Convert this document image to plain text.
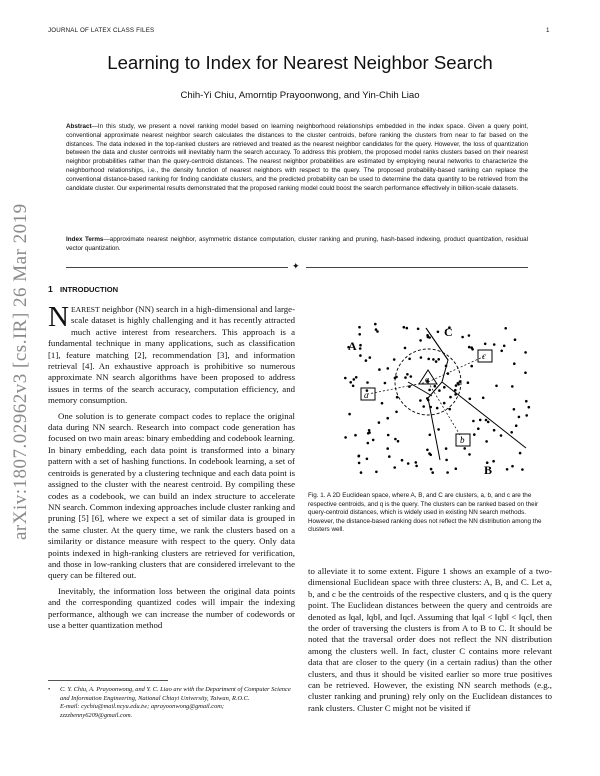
JOURNAL OF LATEX CLASS FILES	1
Learning to Index for Nearest Neighbor Search
Chih-Yi Chiu, Amorntip Prayoonwong, and Yin-Chih Liao
Abstract—In this study, we present a novel ranking model based on learning neighborhood relationships embedded in the index space. Given a query point, conventional approximate nearest neighbor search calculates the distances to the cluster centroids, before ranking the clusters from near to far based on the distances. The data indexed in the top-ranked clusters are retrieved and treated as the nearest neighbor candidates for the query. However, the loss of quantization between the data and cluster centroids will inevitably harm the search accuracy. To address this problem, the proposed model ranks clusters based on their nearest neighbor probabilities rather than the query-centroid distances. The nearest neighbor probabilities are estimated by employing neural networks to characterize the neighborhood relationships, i.e., the density function of nearest neighbors with respect to the query. The proposed probability-based ranking can replace the conventional distance-based ranking for finding candidate clusters, and the predicted probability can be used to determine the data quantity to be retrieved from the candidate cluster. Our experimental results demonstrated that the proposed ranking model could boost the search performance effectively in billion-scale datasets.
Index Terms—approximate nearest neighbor, asymmetric distance computation, cluster ranking and pruning, hash-based indexing, product quantization, residual vector quantization.
✦
arXiv:1807.02962v3 [cs.IR] 26 Mar 2019 1 INTRODUCTION

NEAREST neighbor (NN) search in a high-dimensional and large-scale dataset is highly challenging and it has recently attracted much active interest from researchers. This approach is a fundamental technique in many applications, such as classification [1], feature matching [2], recommendation [3], and information retrieval [4]. An exhaustive approach is prohibitive so numerous approximate NN search algorithms have been proposed to address issues in terms of the search accuracy, computation efficiency, and memory consumption.

One solution is to generate compact codes to replace the original data during NN search. Research into compact code generation has focused on two main areas: binary embedding and codebook learning. In binary embedding, each data point is transformed into a binary pattern with a set of hashing functions. In codebook learning, a set of centroids is generated by a clustering technique and each data point is assigned to the cluster with the nearest centroid. By compiling these codes as a codebook, we can build an index structure to accelerate NN search. Common indexing approaches include cluster ranking and pruning [5] [6], where we expect a set of similar data is grouped in the same cluster. At the query time, we rank the clusters based on a similarity or distance measure with respect to the query. Only data points indexed in high-ranking clusters are retrieved for verification, and those in low-ranking clusters that are considered irrelevant to the query can be filtered out.

Inevitably, the information loss between the original data points and the corresponding quantized codes will impair the indexing performance, although we can increase the number of codewords or use a better quantization method

•	C. Y. Chiu, A. Prayoonwong, and Y. C. Liao are with the Department of Computer Science and Information Engineering, National Chiayi University, Taiwan, R.O.C.
E-mail: cychiu@mail.ncyu.edu.tw; aprayoonwong@gmail.com; zzzzbenny6209@gmail.com.
A
B
C
a
b
c
q
Fig. 1. A 2D Euclidean space, where A, B, and C are clusters, a, b, and c are the respective centroids, and q is the query. The clusters can be ranked based on their query-centroid distances, which is widely used in existing NN search methods. However, the distance-based ranking does not reflect the NN distribution among the clusters well.

to alleviate it to some extent. Figure 1 shows an example of a two-dimensional Euclidean space with three clusters: A, B, and C. Let a, b, and c be the centroids of the respective clusters, and q is the query point. The Euclidean distances between the query and centroids are denoted as ‖qa‖, ‖qb‖, and ‖qc‖. Assuming that ‖qa‖ < ‖qb‖ < ‖qc‖, then the order of traversing the clusters is from A to B to C. It should be noted that the traversal order does not reflect the NN distribution among the clusters well. In fact, cluster C contains more relevant data that are closer to the query (in a certain radius) than the other clusters, and thus it should be visited earlier so more true positives can be retrieved. However, the existing NN search methods (e.g., cluster ranking and pruning) rely only on the Euclidean distances to rank clusters. Cluster C might not be visited if
